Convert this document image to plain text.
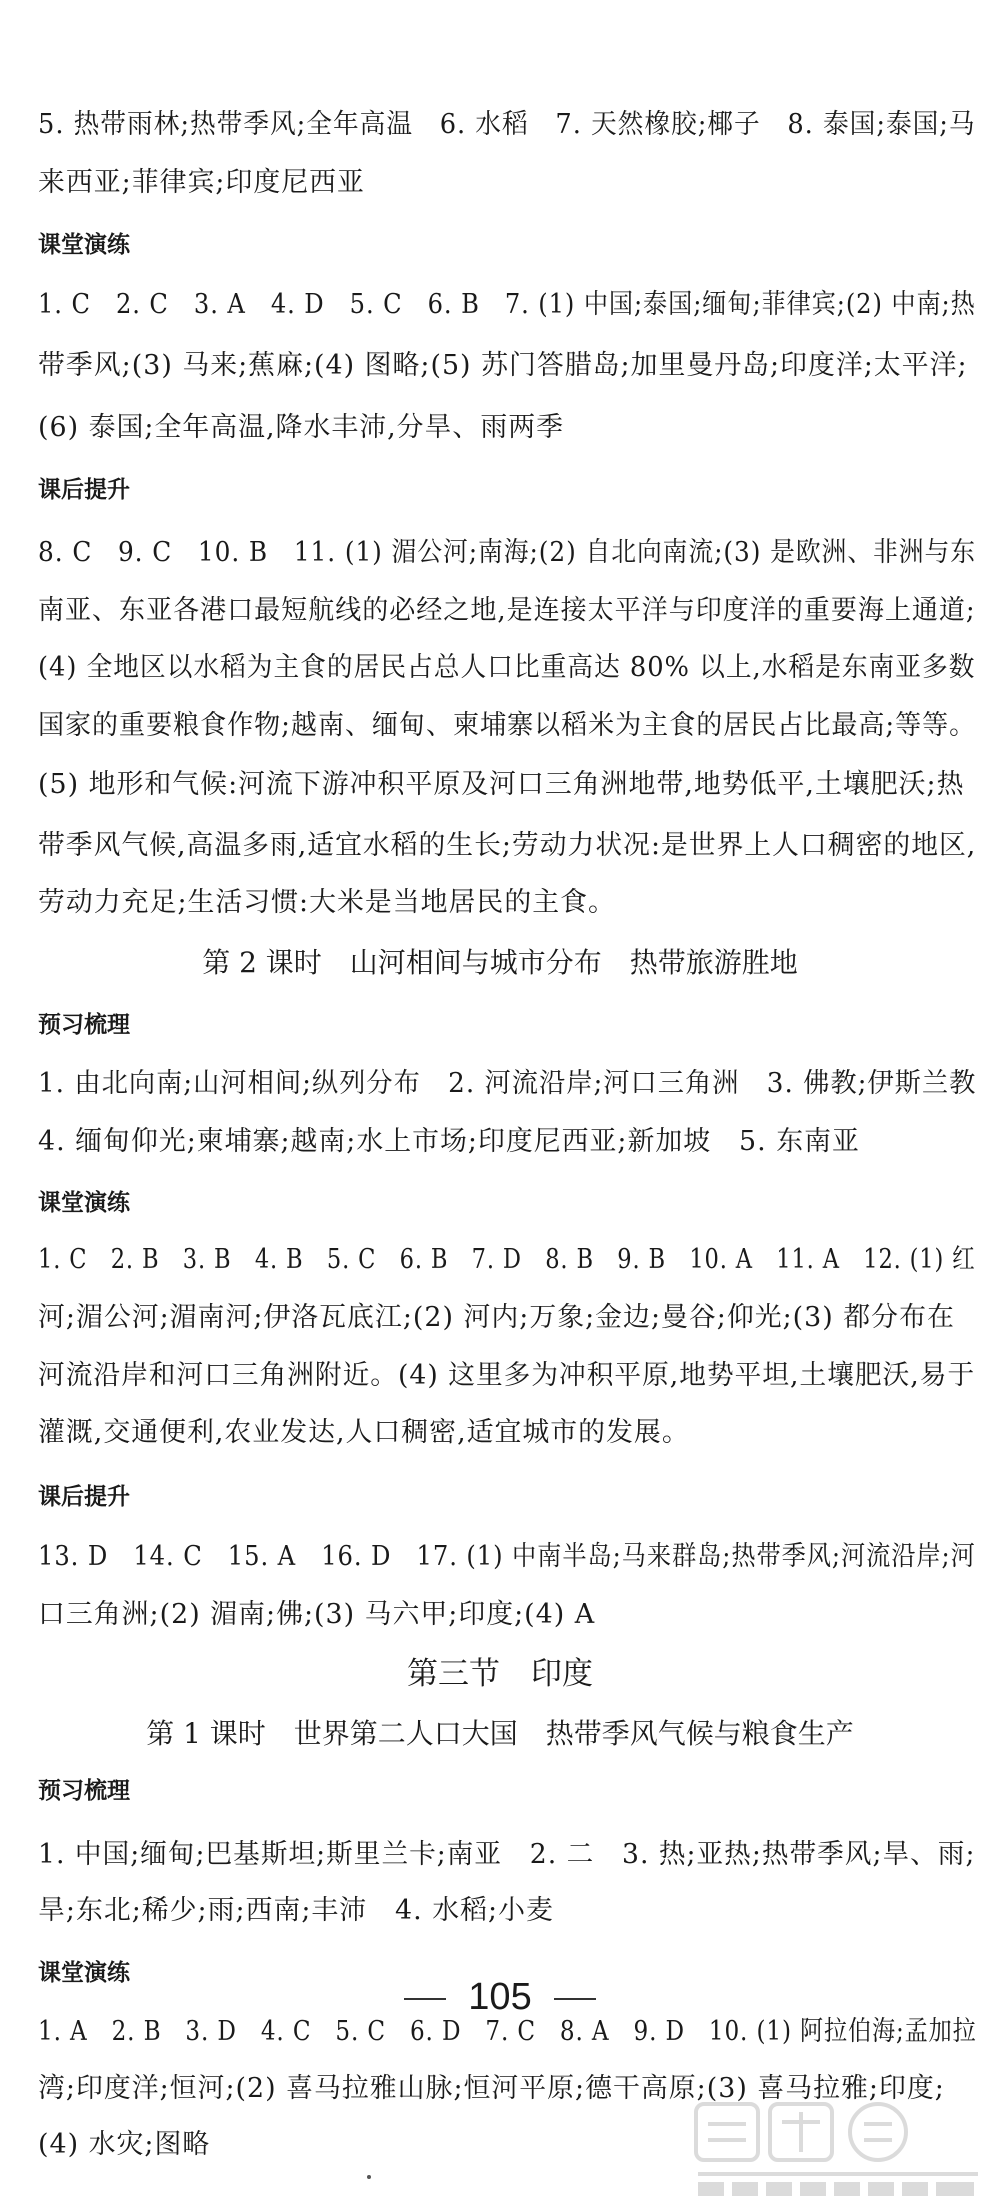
5. 热带雨林;热带季风;全年高温　6. 水稻　7. 天然橡胶;椰子　8. 泰国;泰国;马
来西亚;菲律宾;印度尼西亚
课堂演练
1. C　2. C　3. A　4. D　5. C　6. B　7. (1) 中国;泰国;缅甸;菲律宾;(2) 中南;热
带季风;(3) 马来;蕉麻;(4) 图略;(5) 苏门答腊岛;加里曼丹岛;印度洋;太平洋;
(6) 泰国;全年高温,降水丰沛,分旱、雨两季
课后提升
8. C　9. C　10. B　11. (1) 湄公河;南海;(2) 自北向南流;(3) 是欧洲、非洲与东
南亚、东亚各港口最短航线的必经之地,是连接太平洋与印度洋的重要海上通道;
(4) 全地区以水稻为主食的居民占总人口比重高达 80% 以上,水稻是东南亚多数
国家的重要粮食作物;越南、缅甸、柬埔寨以稻米为主食的居民占比最高;等等。
(5) 地形和气候:河流下游冲积平原及河口三角洲地带,地势低平,土壤肥沃;热
带季风气候,高温多雨,适宜水稻的生长;劳动力状况:是世界上人口稠密的地区,
劳动力充足;生活习惯:大米是当地居民的主食。
第 2 课时　山河相间与城市分布　热带旅游胜地
预习梳理
1. 由北向南;山河相间;纵列分布　2. 河流沿岸;河口三角洲　3. 佛教;伊斯兰教
4. 缅甸仰光;柬埔寨;越南;水上市场;印度尼西亚;新加坡　5. 东南亚
课堂演练
1. C　2. B　3. B　4. B　5. C　6. B　7. D　8. B　9. B　10. A　11. A　12. (1) 红
河;湄公河;湄南河;伊洛瓦底江;(2) 河内;万象;金边;曼谷;仰光;(3) 都分布在
河流沿岸和河口三角洲附近。(4) 这里多为冲积平原,地势平坦,土壤肥沃,易于
灌溉,交通便利,农业发达,人口稠密,适宜城市的发展。
课后提升
13. D　14. C　15. A　16. D　17. (1) 中南半岛;马来群岛;热带季风;河流沿岸;河
口三角洲;(2) 湄南;佛;(3) 马六甲;印度;(4) A
第三节　印度
第 1 课时　世界第二人口大国　热带季风气候与粮食生产
预习梳理
1. 中国;缅甸;巴基斯坦;斯里兰卡;南亚　2. 二　3. 热;亚热;热带季风;旱、雨;
旱;东北;稀少;雨;西南;丰沛　4. 水稻;小麦
课堂演练
1. A　2. B　3. D　4. C　5. C　6. D　7. C　8. A　9. D　10. (1) 阿拉伯海;孟加拉
湾;印度洋;恒河;(2) 喜马拉雅山脉;恒河平原;德干高原;(3) 喜马拉雅;印度;
(4) 水灾;图略
105
